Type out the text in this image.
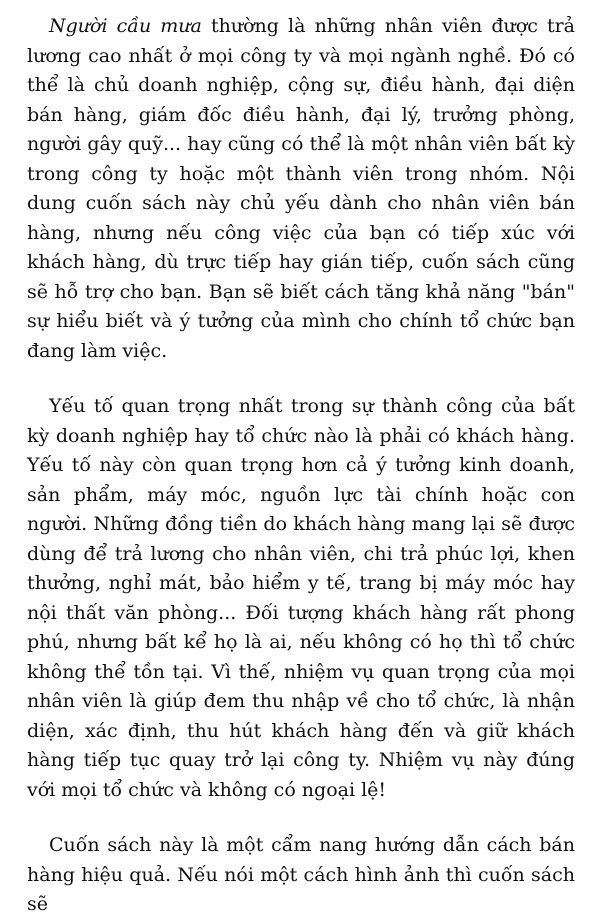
Người cầu mưa thường là những nhân viên được trả lương cao nhất ở mọi công ty và mọi ngành nghề. Đó có thể là chủ doanh nghiệp, cộng sự, điều hành, đại diện bán hàng, giám đốc điều hành, đại lý, trưởng phòng, người gây quỹ... hay cũng có thể là một nhân viên bất kỳ trong công ty hoặc một thành viên trong nhóm. Nội dung cuốn sách này chủ yếu dành cho nhân viên bán hàng, nhưng nếu công việc của bạn có tiếp xúc với khách hàng, dù trực tiếp hay gián tiếp, cuốn sách cũng sẽ hỗ trợ cho bạn. Bạn sẽ biết cách tăng khả năng "bán" sự hiểu biết và ý tưởng của mình cho chính tổ chức bạn đang làm việc.

Yếu tố quan trọng nhất trong sự thành công của bất kỳ doanh nghiệp hay tổ chức nào là phải có khách hàng. Yếu tố này còn quan trọng hơn cả ý tưởng kinh doanh, sản phẩm, máy móc, nguồn lực tài chính hoặc con người. Những đồng tiền do khách hàng mang lại sẽ được dùng để trả lương cho nhân viên, chi trả phúc lợi, khen thưởng, nghỉ mát, bảo hiểm y tế, trang bị máy móc hay nội thất văn phòng... Đối tượng khách hàng rất phong phú, nhưng bất kể họ là ai, nếu không có họ thì tổ chức không thể tồn tại. Vì thế, nhiệm vụ quan trọng của mọi nhân viên là giúp đem thu nhập về cho tổ chức, là nhận diện, xác định, thu hút khách hàng đến và giữ khách hàng tiếp tục quay trở lại công ty. Nhiệm vụ này đúng với mọi tổ chức và không có ngoại lệ!

Cuốn sách này là một cẩm nang hướng dẫn cách bán hàng hiệu quả. Nếu nói một cách hình ảnh thì cuốn sách sẽ
